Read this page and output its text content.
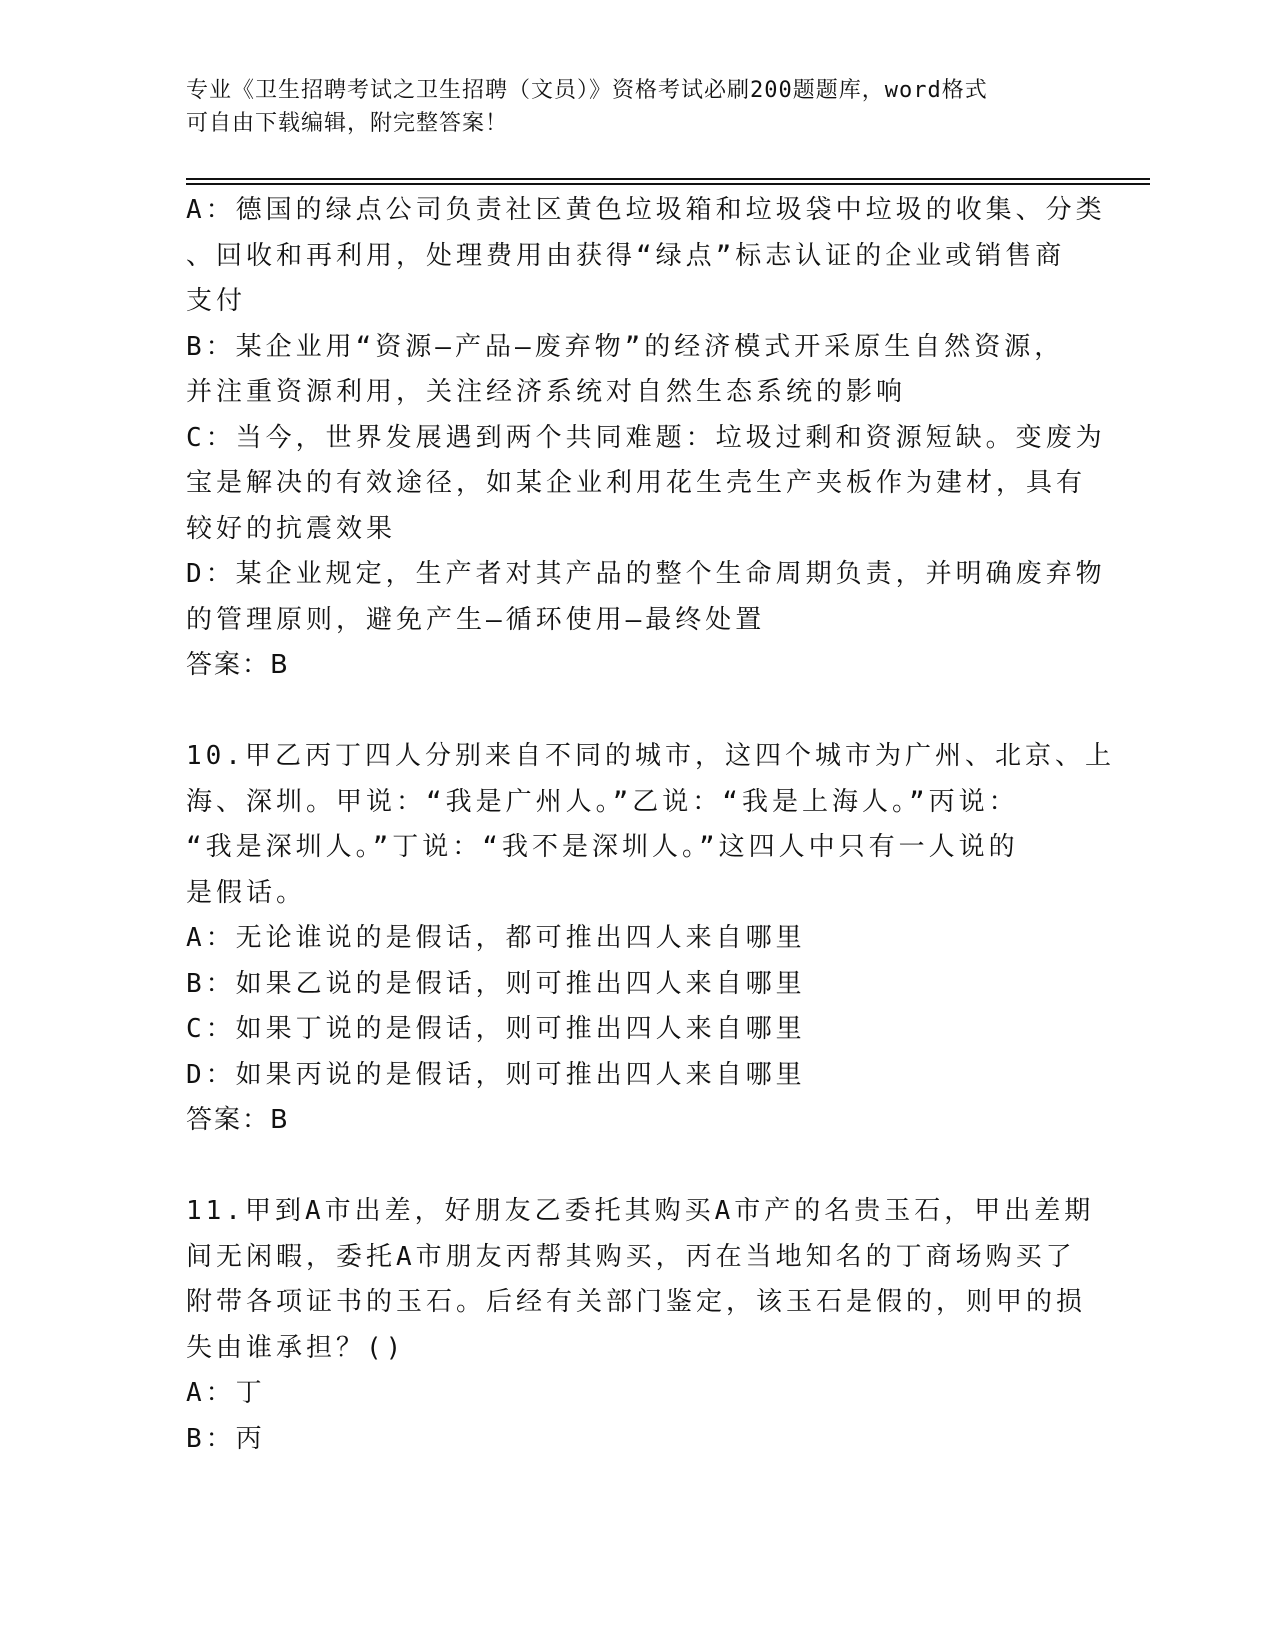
专业《卫生招聘考试之卫生招聘（文员）》资格考试必刷200题题库，word格式
可自由下载编辑，附完整答案！
A：德国的绿点公司负责社区黄色垃圾箱和垃圾袋中垃圾的收集、分类
、回收和再利用，处理费用由获得“绿点”标志认证的企业或销售商
支付
B：某企业用“资源—产品—废弃物”的经济模式开采原生自然资源，
并注重资源利用，关注经济系统对自然生态系统的影响
C：当今，世界发展遇到两个共同难题：垃圾过剩和资源短缺。变废为
宝是解决的有效途径，如某企业利用花生壳生产夹板作为建材，具有
较好的抗震效果
D：某企业规定，生产者对其产品的整个生命周期负责，并明确废弃物
的管理原则，避免产生—循环使用—最终处置
答案：B
10.甲乙丙丁四人分别来自不同的城市，这四个城市为广州、北京、上
海、深圳。甲说：“我是广州人。”乙说：“我是上海人。”丙说：
“我是深圳人。”丁说：“我不是深圳人。”这四人中只有一人说的
是假话。
A：无论谁说的是假话，都可推出四人来自哪里
B：如果乙说的是假话，则可推出四人来自哪里
C：如果丁说的是假话，则可推出四人来自哪里
D：如果丙说的是假话，则可推出四人来自哪里
答案：B
11.甲到A市出差，好朋友乙委托其购买A市产的名贵玉石，甲出差期
间无闲暇，委托A市朋友丙帮其购买，丙在当地知名的丁商场购买了
附带各项证书的玉石。后经有关部门鉴定，该玉石是假的，则甲的损
失由谁承担？()
A：丁
B：丙
